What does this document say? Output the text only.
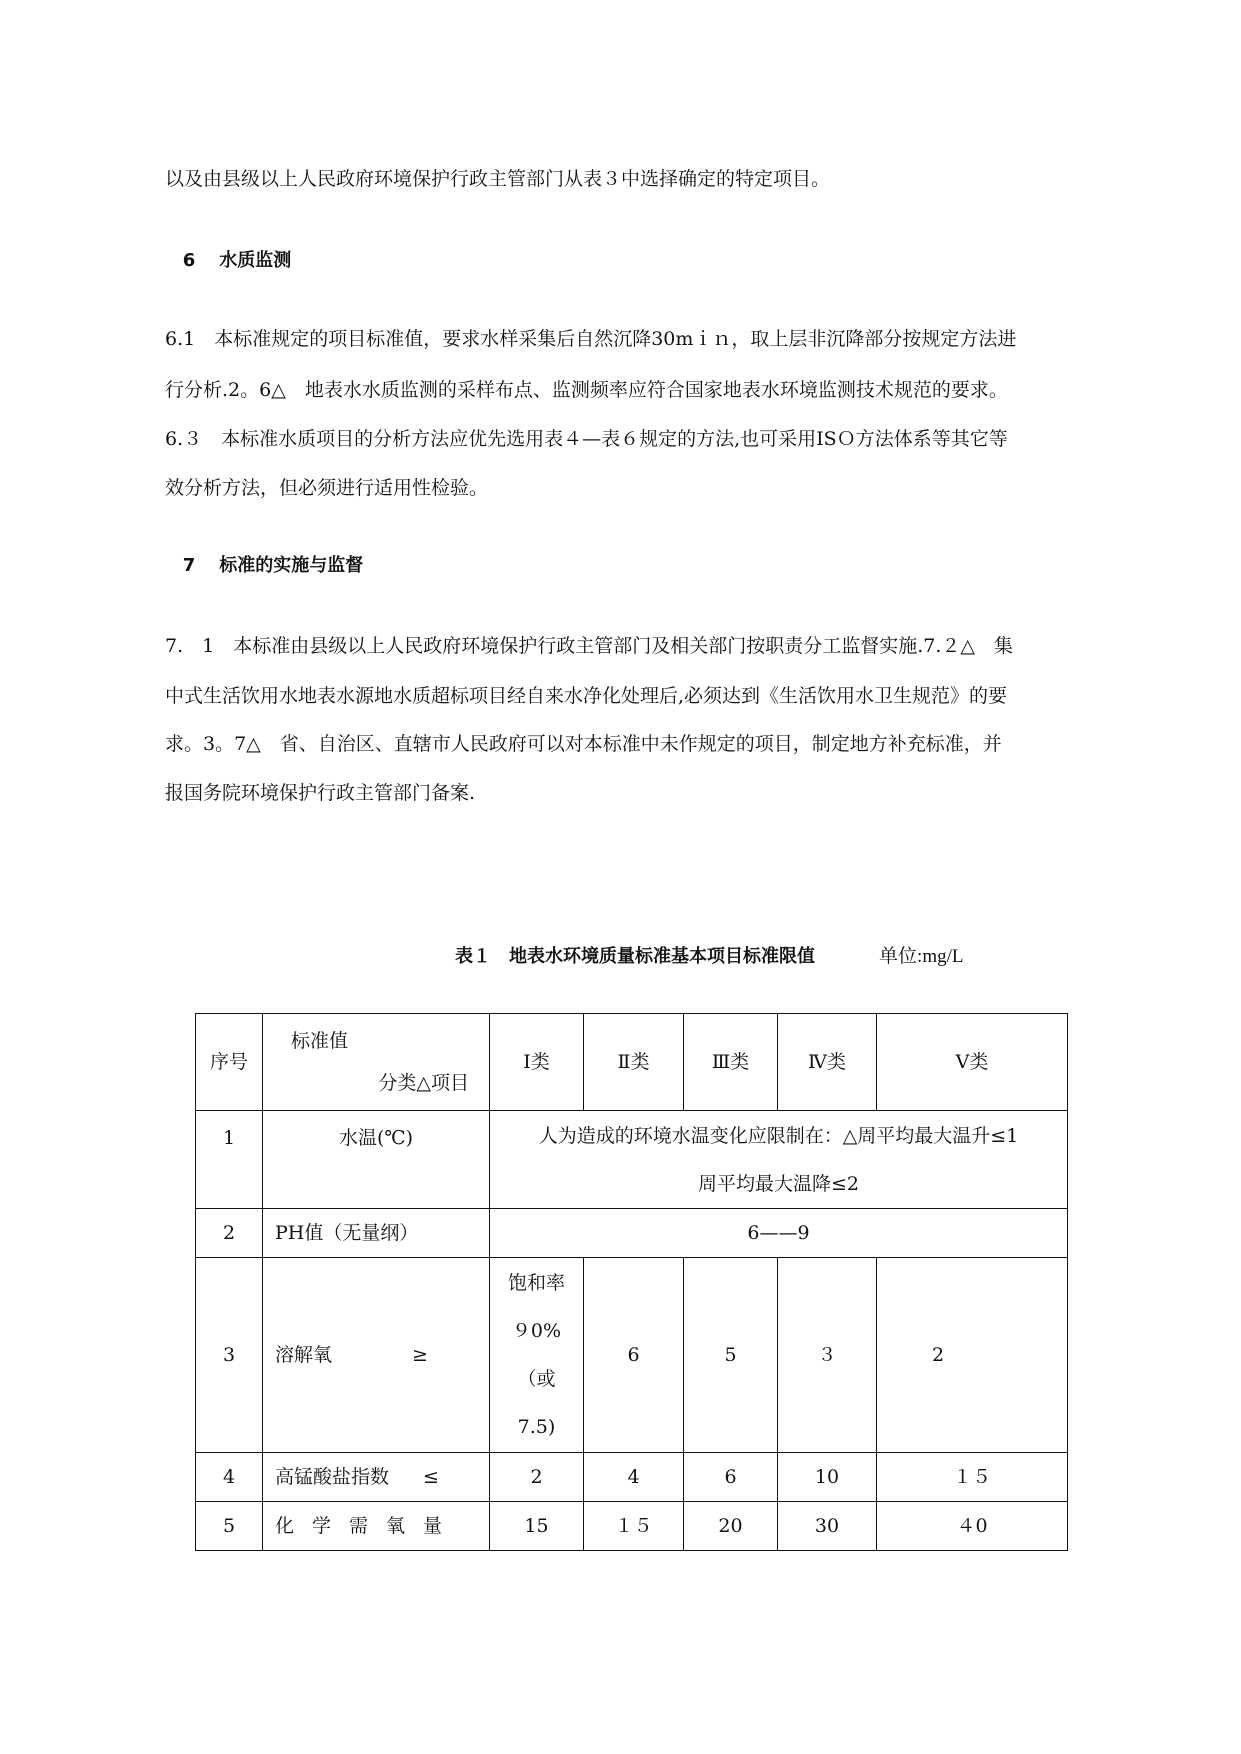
以及由县级以上人民政府环境保护行政主管部门从表３中选择确定的特定项目。
6 水质监测
6.1　本标准规定的项目标准值，要求水样采集后自然沉降30mｉｎ，取上层非沉降部分按规定方法进
行分析.2。6△　地表水水质监测的采样布点、监测频率应符合国家地表水环境监测技术规范的要求。
6.３　本标准水质项目的分析方法应优先选用表４—表６规定的方法,也可采用ISＯ方法体系等其它等
效分析方法，但必须进行适用性检验。
7 标准的实施与监督
7.　1　本标准由县级以上人民政府环境保护行政主管部门及相关部门按职责分工监督实施.7.２△　集
中式生活饮用水地表水源地水质超标项目经自来水净化处理后,必须达到《生活饮用水卫生规范》的要
求。3。7△　省、自治区、直辖市人民政府可以对本标准中未作规定的项目，制定地方补充标准，并
报国务院环境保护行政主管部门备案.
表１　地表水环境质量标准基本项目标准限值	单位:mg/L
序号	标准值
分类△项目	Ⅰ类	Ⅱ类	Ⅲ类	Ⅳ类	Ⅴ类
1	水温(℃)	人为造成的环境水温变化应限制在：△周平均最大温升≤1
周平均最大温降≤2				

2	PH值（无量纲）	6——9				
3	溶解氧 ≥	饱和率
９0%
（或
7.5)	6	5	３	2
4	高锰酸盐指数 ≤	2	4	6	10	１５
5	化学需氧量	15	１５	20	30	４0
